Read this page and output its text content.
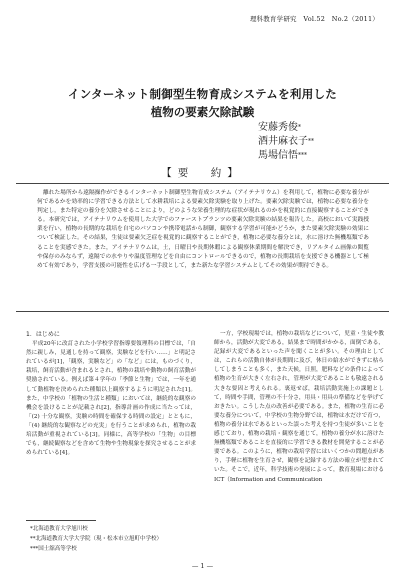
理科教育学研究　Vol.52　No.2（2011）
インターネット制御型生物育成システムを利用した
植物の要素欠除試験
安藤秀俊*
酒井麻衣子**
馬場信悟***
【要　約】
離れた場所から遠隔操作ができるインターネット制御型生物育成システム（アイテナリウム）を利用して，植物に必要な養分が何であるかを効率的に学習できる方法として水耕栽培による要素欠除実験を取り上げた。要素欠除実験では，植物に必要な養分を判定し，また特定の養分を欠除させることにより，どのような栄養生理的な症状が現れるのかを視覚的に直接観察することができる。本研究では，アイテナリウムを使用した大学でのファーストプランツの要素欠除実験の結果を報告した。高校において実践授業を行い，植物の長期的な栽培を自宅のパソコンや携帯電話から制御，観察する学習が可能かどうか，また要素欠除実験の効果について検証した。その結果，生徒は要素欠乏症を視覚的に観察することができ，植物に必要な養分とは，水に溶けた無機塩類であることを実感できた。また，アイテナリウムは，土，日曜日や長期休暇による観察休業期間を解決でき，リアルタイム画像の閲覧や保存のみならず，遠隔での水やりや温度管理などを自由にコントロールできるので，植物の長期栽培を支援できる機器として極めて有効であり，学習支援の可能性を広げる一手段として，また新たな学習システムとしてその効果が期待できる。
1．はじめに
平成20年に改訂された小学校学習指導要領理科の目標では，「自然に親しみ，見通しを持って観察，実験などを行い……」と明記されているが[1]，「観察，実験など」の「など」には，ものづくり，栽培，飼育活動が含まれるとされ，植物の栽培や動物の飼育活動が奨励されている。例えば第４学年の「季節と生物」では，一年を通して動植物を決められた種類以上観察するように明記された[1]。また，中学校の「植物の生活と種類」においては，継続的な観察の機会を設けることが記載され[2]，指導計画の作成に当たっては，「(2) 十分な観察，実験の時間を確保する時間の設定」とともに，「(4) 継続的な観察などの充実」を行うことが求められ，植物の栽培活動が重視されている[3]。同様に，高等学校の「生物」の目標でも，継続観察などを含めて生物や生物現象を探究させることが求められている[4]。
一方，学校現場では，植物の栽培などについて，児童・生徒や教師から，活動が大変である，結果まで時間がかかる，面倒である，記録が大変であるといった声を聞くことが多い。その理由としては，これらの活動自体が長期間に及び，休日の給水ができずに枯らしてしまうことも多く，また天候，日照，肥料などの条件によって植物の生育が大きく左右され，管理が大変であることも敬遠される大きな要因と考えられる。裏返せば，栽培活動実施上の課題として，時間や手間，管理の不十分さ，用具・用具の準備などを挙げておきたい。こうした点の改善が必要である。また，植物の生育に必要な養分について，中学校の生物分野では，植物は水だけで育つ，植物の養分は水であるといった誤った考えを持つ生徒が多いことを感じており，植物の栽培・観察を通じて，植物の養分が水に溶けた無機塩類であることを直接的に学習できる教材を開発することが必要である。このように，植物の栽培学習にはいくつかの問題点があり，手軽に植物を生育させ，観察を記録する方法の確立が望まれていた。そこで，近年，科学技術の発展によって，教育現場における ICT（Information and Communication
*北海道教育大学旭川校
**北海道教育大学大学院（現・松本市立旭町中学校）
***国士舘高等学校
— 1 —
